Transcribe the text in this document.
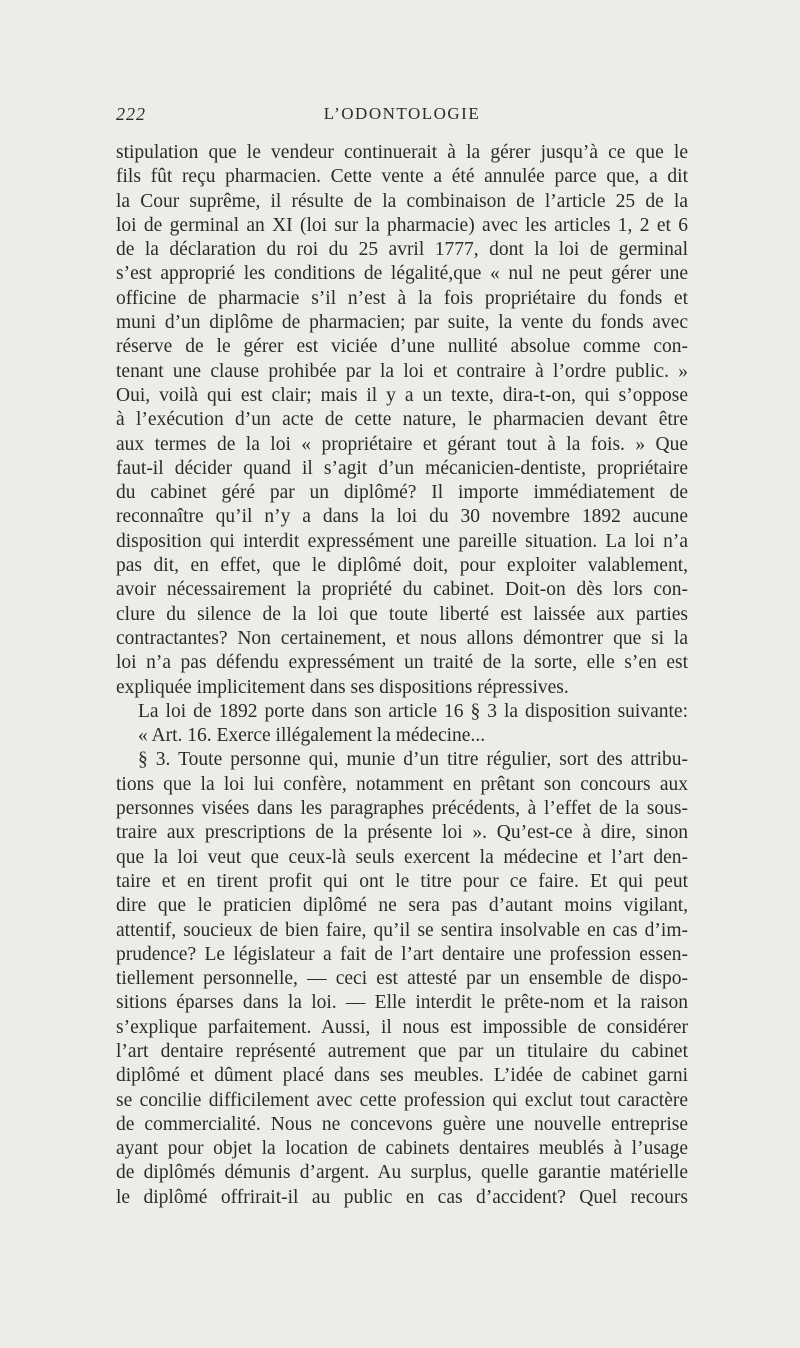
222	L’ODONTOLOGIE
stipulation que le vendeur continuerait à la gérer jusqu’à ce que le
fils fût reçu pharmacien. Cette vente a été annulée parce que, a dit
la Cour suprême, il résulte de la combinaison de l’article 25 de la
loi de germinal an XI (loi sur la pharmacie) avec les articles 1, 2 et 6
de la déclaration du roi du 25 avril 1777, dont la loi de germinal
s’est approprié les conditions de légalité,que « nul ne peut gérer une
officine de pharmacie s’il n’est à la fois propriétaire du fonds et
muni d’un diplôme de pharmacien; par suite, la vente du fonds avec
réserve de le gérer est viciée d’une nullité absolue comme con-
tenant une clause prohibée par la loi et contraire à l’ordre public. »
Oui, voilà qui est clair; mais il y a un texte, dira-t-on, qui s’oppose
à l’exécution d’un acte de cette nature, le pharmacien devant être
aux termes de la loi « propriétaire et gérant tout à la fois. » Que
faut-il décider quand il s’agit d’un mécanicien-dentiste, propriétaire
du cabinet géré par un diplômé? Il importe immédiatement de
reconnaître qu’il n’y a dans la loi du 30 novembre 1892 aucune
disposition qui interdit expressément une pareille situation. La loi n’a
pas dit, en effet, que le diplômé doit, pour exploiter valablement,
avoir nécessairement la propriété du cabinet. Doit-on dès lors con-
clure du silence de la loi que toute liberté est laissée aux parties
contractantes? Non certainement, et nous allons démontrer que si la
loi n’a pas défendu expressément un traité de la sorte, elle s’en est
expliquée implicitement dans ses dispositions répressives.
La loi de 1892 porte dans son article 16 § 3 la disposition suivante:
« Art. 16. Exerce illégalement la médecine...
§ 3. Toute personne qui, munie d’un titre régulier, sort des attribu-
tions que la loi lui confère, notamment en prêtant son concours aux
personnes visées dans les paragraphes précédents, à l’effet de la sous-
traire aux prescriptions de la présente loi ». Qu’est-ce à dire, sinon
que la loi veut que ceux-là seuls exercent la médecine et l’art den-
taire et en tirent profit qui ont le titre pour ce faire. Et qui peut
dire que le praticien diplômé ne sera pas d’autant moins vigilant,
attentif, soucieux de bien faire, qu’il se sentira insolvable en cas d’im-
prudence? Le législateur a fait de l’art dentaire une profession essen-
tiellement personnelle, — ceci est attesté par un ensemble de dispo-
sitions éparses dans la loi. — Elle interdit le prête-nom et la raison
s’explique parfaitement. Aussi, il nous est impossible de considérer
l’art dentaire représenté autrement que par un titulaire du cabinet
diplômé et dûment placé dans ses meubles. L’idée de cabinet garni
se concilie difficilement avec cette profession qui exclut tout caractère
de commercialité. Nous ne concevons guère une nouvelle entreprise
ayant pour objet la location de cabinets dentaires meublés à l’usage
de diplômés démunis d’argent. Au surplus, quelle garantie matérielle
le diplômé offrirait-il au public en cas d’accident? Quel recours
